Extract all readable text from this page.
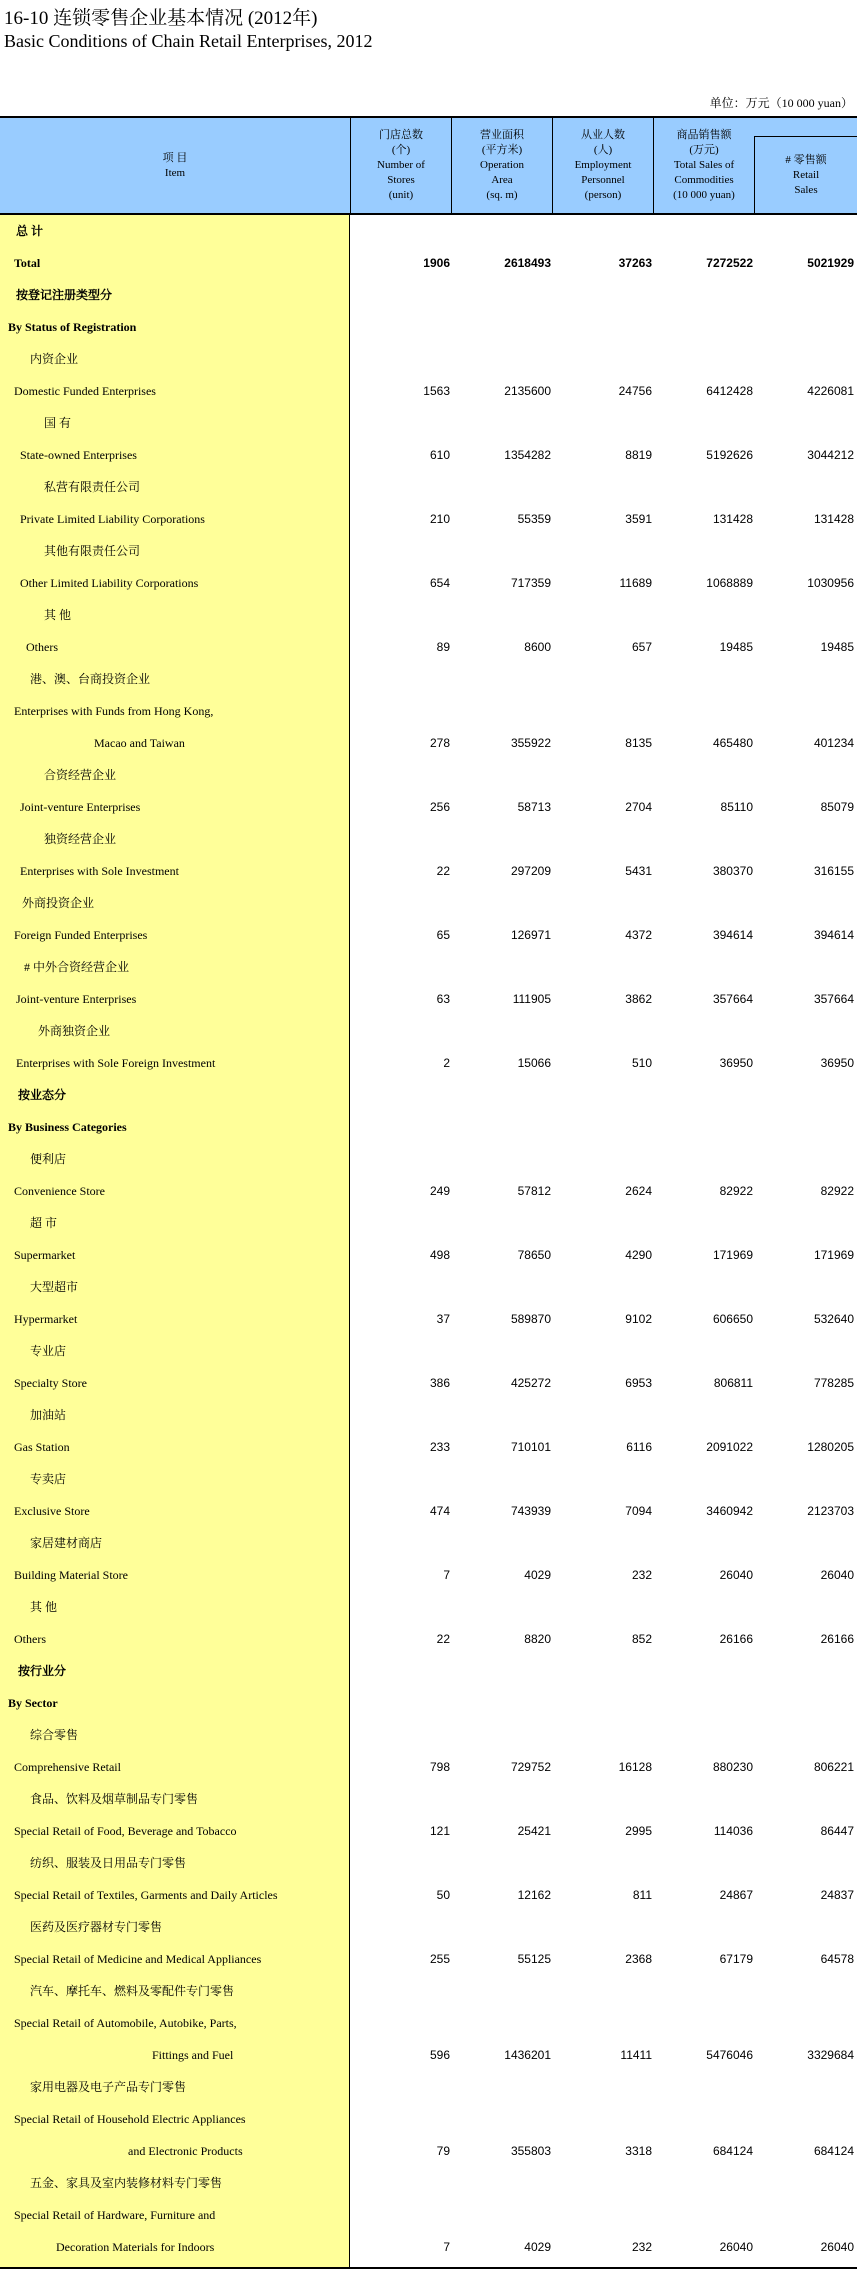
16-10 连锁零售企业基本情况 (2012年)
Basic Conditions of Chain Retail Enterprises, 2012
单位：万元（10 000 yuan）
项 目
Item
门店总数
(个)
Number of
Stores
(unit)
营业面积
(平方米)
Operation
Area
(sq. m)
从业人数
(人)
Employment
Personnel
(person)
商品销售额
(万元)
Total Sales of
Commodities
(10 000 yuan)
# 零售额
Retail
Sales
总 计
Total	1906	2618493	37263	7272522	5021929
按登记注册类型分
By Status of Registration
内资企业
Domestic Funded Enterprises	1563	2135600	24756	6412428	4226081
国 有
State-owned Enterprises	610	1354282	8819	5192626	3044212
私营有限责任公司
Private Limited Liability Corporations	210	55359	3591	131428	131428
其他有限责任公司
Other Limited Liability Corporations	654	717359	11689	1068889	1030956
其 他
Others	89	8600	657	19485	19485
港、澳、台商投资企业
Enterprises with Funds from Hong Kong,
Macao and Taiwan	278	355922	8135	465480	401234
合资经营企业
Joint-venture Enterprises	256	58713	2704	85110	85079
独资经营企业
Enterprises with Sole Investment	22	297209	5431	380370	316155
外商投资企业
Foreign Funded Enterprises	65	126971	4372	394614	394614
# 中外合资经营企业
Joint-venture Enterprises	63	111905	3862	357664	357664
外商独资企业
Enterprises with Sole Foreign Investment	2	15066	510	36950	36950
按业态分
By Business Categories
便利店
Convenience Store	249	57812	2624	82922	82922
超 市
Supermarket	498	78650	4290	171969	171969
大型超市
Hypermarket	37	589870	9102	606650	532640
专业店
Specialty Store	386	425272	6953	806811	778285
加油站
Gas Station	233	710101	6116	2091022	1280205
专卖店
Exclusive Store	474	743939	7094	3460942	2123703
家居建材商店
Building Material Store	7	4029	232	26040	26040
其 他
Others	22	8820	852	26166	26166
按行业分
By Sector
综合零售
Comprehensive Retail	798	729752	16128	880230	806221
食品、饮料及烟草制品专门零售
Special Retail of Food, Beverage and Tobacco	121	25421	2995	114036	86447
纺织、服装及日用品专门零售
Special Retail of Textiles, Garments and Daily Articles	50	12162	811	24867	24837
医药及医疗器材专门零售
Special Retail of Medicine and Medical Appliances	255	55125	2368	67179	64578
汽车、摩托车、燃料及零配件专门零售
Special Retail of Automobile, Autobike, Parts,
Fittings and Fuel	596	1436201	11411	5476046	3329684
家用电器及电子产品专门零售
Special Retail of Household Electric Appliances
and Electronic Products	79	355803	3318	684124	684124
五金、家具及室内装修材料专门零售
Special Retail of Hardware, Furniture and
Decoration Materials for Indoors	7	4029	232	26040	26040
